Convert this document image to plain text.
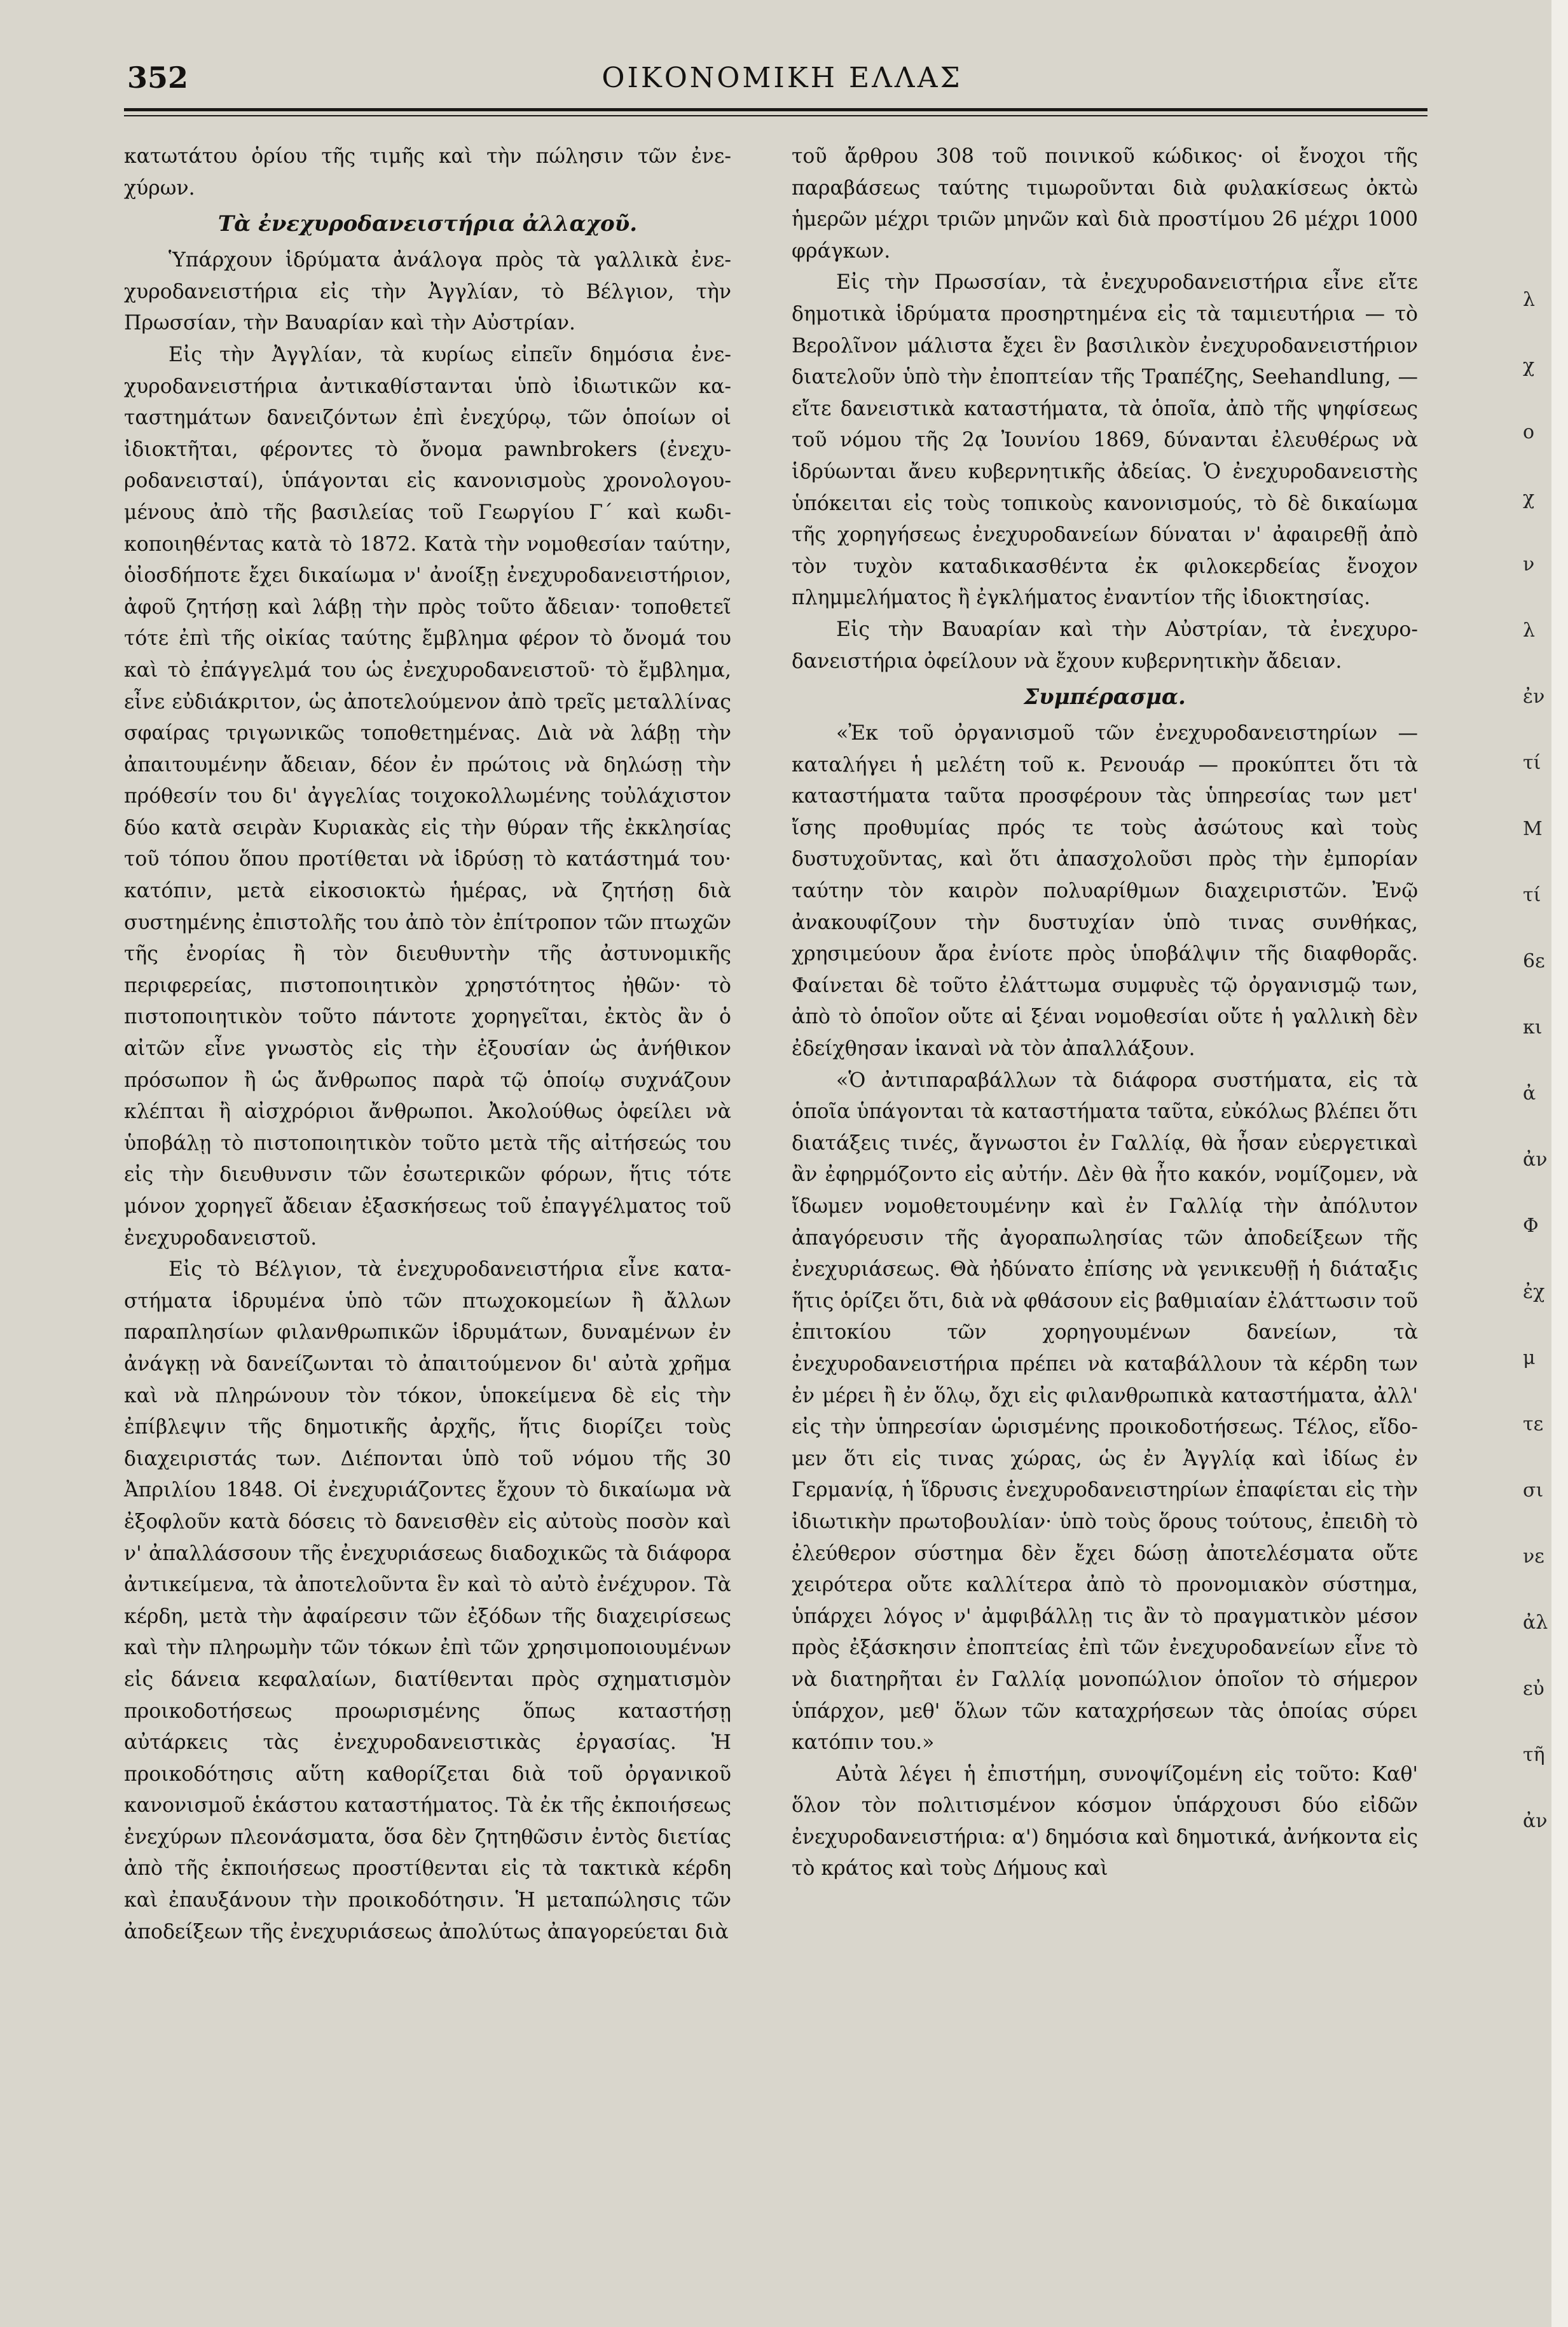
352	ΟΙΚΟΝΟΜΙΚΗ ΕΛΛΑΣ

κατωτάτου ὁρίου τῆς τιμῆς καὶ τὴν πώλησιν τῶν ἐνεχύρων.

Τὰ ἐνεχυροδανειστήρια ἀλλαχοῦ.

Ὑπάρχουν ἱδρύματα ἀνάλογα πρὸς τὰ γαλλικὰ ἐνεχυροδανειστήρια εἰς τὴν Ἀγγλίαν, τὸ Βέλγιον, τὴν Πρωσσίαν, τὴν Βαυαρίαν καὶ τὴν Αὐστρίαν.

Εἰς τὴν Ἀγγλίαν, τὰ κυρίως εἰπεῖν δημόσια ἐνεχυροδανειστήρια ἀντικαθίστανται ὑπὸ ἰδιωτικῶν καταστημάτων δανειζόντων ἐπὶ ἐνεχύρῳ, τῶν ὁποίων οἱ ἰδιοκτῆται, φέροντες τὸ ὄνομα pawnbrokers (ἐνεχυροδανεισταί), ὑπάγονται εἰς κανονισμοὺς χρονολογουμένους ἀπὸ τῆς βασιλείας τοῦ Γεωργίου Γ´ καὶ κωδικοποιηθέντας κατὰ τὸ 1872. Κατὰ τὴν νομοθεσίαν ταύτην, ὁἰοσδήποτε ἔχει δικαίωμα ν' ἀνοίξῃ ἐνεχυροδανειστήριον, ἀφοῦ ζητήσῃ καὶ λάβῃ τὴν πρὸς τοῦτο ἄδειαν· τοποθετεῖ τότε ἐπὶ τῆς οἰκίας ταύτης ἔμβλημα φέρον τὸ ὄνομά του καὶ τὸ ἐπάγγελμά του ὡς ἐνεχυροδανειστοῦ· τὸ ἔμβλημα, εἶνε εὐδιάκριτον, ὡς ἀποτελούμενον ἀπὸ τρεῖς μεταλλίνας σφαίρας τριγωνικῶς τοποθετημένας. Διὰ νὰ λάβῃ τὴν ἀπαιτουμένην ἄδειαν, δέον ἐν πρώτοις νὰ δηλώσῃ τὴν πρόθεσίν του δι' ἀγγελίας τοιχοκολλωμένης τοὐλάχιστον δύο κατὰ σειρὰν Κυριακὰς εἰς τὴν θύραν τῆς ἐκκλησίας τοῦ τόπου ὅπου προτίθεται νὰ ἱδρύσῃ τὸ κατάστημά του· κατόπιν, μετὰ εἰκοσιοκτὼ ἡμέρας, νὰ ζητήσῃ διὰ συστημένης ἐπιστολῆς του ἀπὸ τὸν ἐπίτροπον τῶν πτωχῶν τῆς ἐνορίας ἢ τὸν διευθυντὴν τῆς ἀστυνομικῆς περιφερείας, πιστοποιητικὸν χρηστότητος ἠθῶν· τὸ πιστοποιητικὸν τοῦτο πάντοτε χορηγεῖται, ἐκτὸς ἂν ὁ αἰτῶν εἶνε γνωστὸς εἰς τὴν ἐξουσίαν ὡς ἀνήθικον πρόσωπον ἢ ὡς ἄνθρωπος παρὰ τῷ ὁποίῳ συχνάζουν κλέπται ἢ αἰσχρόριοι ἄνθρωποι. Ἀκολούθως ὀφείλει νὰ ὑποβάλῃ τὸ πιστοποιητικὸν τοῦτο μετὰ τῆς αἰτήσεώς του εἰς τὴν διευθυνσιν τῶν ἐσωτερικῶν φόρων, ἥτις τότε μόνον χορηγεῖ ἄδειαν ἐξασκήσεως τοῦ ἐπαγγέλματος τοῦ ἐνεχυροδανειστοῦ.

Εἰς τὸ Βέλγιον, τὰ ἐνεχυροδανειστήρια εἶνε καταστήματα ἱδρυμένα ὑπὸ τῶν πτωχοκομείων ἢ ἄλλων παραπλησίων φιλανθρωπικῶν ἱδρυμάτων, δυναμένων ἐν ἀνάγκῃ νὰ δανείζωνται τὸ ἀπαιτούμενον δι' αὐτὰ χρῆμα καὶ νὰ πληρώνουν τὸν τόκον, ὑποκείμενα δὲ εἰς τὴν ἐπίβλεψιν τῆς δημοτικῆς ἀρχῆς, ἥτις διορίζει τοὺς διαχειριστάς των. Διέπονται ὑπὸ τοῦ νόμου τῆς 30 Ἀπριλίου 1848. Οἱ ἐνεχυριάζοντες ἔχουν τὸ δικαίωμα νὰ ἐξοφλοῦν κατὰ δόσεις τὸ δανεισθὲν εἰς αὐτοὺς ποσὸν καὶ ν' ἀπαλλάσσουν τῆς ἐνεχυριάσεως διαδοχικῶς τὰ διάφορα ἀντικείμενα, τὰ ἀποτελοῦντα ἓν καὶ τὸ αὐτὸ ἐνέχυρον. Τὰ κέρδη, μετὰ τὴν ἀφαίρεσιν τῶν ἐξόδων τῆς διαχειρίσεως καὶ τὴν πληρωμὴν τῶν τόκων ἐπὶ τῶν χρησιμοποιουμένων εἰς δάνεια κεφαλαίων, διατίθενται πρὸς σχηματισμὸν προικοδοτήσεως προωρισμένης ὅπως καταστήσῃ αὐτάρκεις τὰς ἐνεχυροδανειστικὰς ἐργασίας. Ἡ προικοδότησις αὕτη καθορίζεται διὰ τοῦ ὀργανικοῦ κανονισμοῦ ἑκάστου καταστήματος. Τὰ ἐκ τῆς ἐκποιήσεως ἐνεχύρων πλεονάσματα, ὅσα δὲν ζητηθῶσιν ἐντὸς διετίας ἀπὸ τῆς ἐκποιήσεως προστίθενται εἰς τὰ τακτικὰ κέρδη καὶ ἐπαυξάνουν τὴν προικοδότησιν. Ἡ μεταπώλησις τῶν ἀποδείξεων τῆς ἐνεχυριάσεως ἀπολύτως ἀπαγορεύεται διὰ

τοῦ ἄρθρου 308 τοῦ ποινικοῦ κώδικος· οἱ ἔνοχοι τῆς παραβάσεως ταύτης τιμωροῦνται διὰ φυλακίσεως ὀκτὼ ἡμερῶν μέχρι τριῶν μηνῶν καὶ διὰ προστίμου 26 μέχρι 1000 φράγκων.

Εἰς τὴν Πρωσσίαν, τὰ ἐνεχυροδανειστήρια εἶνε εἴτε δημοτικὰ ἱδρύματα προσηρτημένα εἰς τὰ ταμιευτήρια — τὸ Βερολῖνον μάλιστα ἔχει ἓν βασιλικὸν ἐνεχυροδανειστήριον διατελοῦν ὑπὸ τὴν ἐποπτείαν τῆς Τραπέζης, Seehandlung, — εἴτε δανειστικὰ καταστήματα, τὰ ὁποῖα, ἀπὸ τῆς ψηφίσεως τοῦ νόμου τῆς 2ᾳ Ἰουνίου 1869, δύνανται ἐλευθέρως νὰ ἱδρύωνται ἄνευ κυβερνητικῆς ἀδείας. Ὁ ἐνεχυροδανειστὴς ὑπόκειται εἰς τοὺς τοπικοὺς κανονισμούς, τὸ δὲ δικαίωμα τῆς χορηγήσεως ἐνεχυροδανείων δύναται ν' ἀφαιρεθῇ ἀπὸ τὸν τυχὸν καταδικασθέντα ἐκ φιλοκερδείας ἔνοχον πλημμελήματος ἢ ἐγκλήματος ἐναντίον τῆς ἰδιοκτησίας.

Εἰς τὴν Βαυαρίαν καὶ τὴν Αὐστρίαν, τὰ ἐνεχυροδανειστήρια ὀφείλουν νὰ ἔχουν κυβερνητικὴν ἄδειαν.

Συμπέρασμα.

«Ἐκ τοῦ ὀργανισμοῦ τῶν ἐνεχυροδανειστηρίων — καταλήγει ἡ μελέτη τοῦ κ. Ρενουάρ — προκύπτει ὅτι τὰ καταστήματα ταῦτα προσφέρουν τὰς ὑπηρεσίας των μετ' ἴσης προθυμίας πρός τε τοὺς ἀσώτους καὶ τοὺς δυστυχοῦντας, καὶ ὅτι ἀπασχολοῦσι πρὸς τὴν ἐμπορίαν ταύτην τὸν καιρὸν πολυαρίθμων διαχειριστῶν. Ἐνῷ ἀνακουφίζουν τὴν δυστυχίαν ὑπὸ τινας συνθήκας, χρησιμεύουν ἄρα ἐνίοτε πρὸς ὑποβάλψιν τῆς διαφθορᾶς. Φαίνεται δὲ τοῦτο ἐλάττωμα συμφυὲς τῷ ὀργανισμῷ των, ἀπὸ τὸ ὁποῖον οὔτε αἱ ξέναι νομοθεσίαι οὔτε ἡ γαλλικὴ δὲν ἐδείχθησαν ἱκαναὶ νὰ τὸν ἀπαλλάξουν.

«Ὁ ἀντιπαραβάλλων τὰ διάφορα συστήματα, εἰς τὰ ὁποῖα ὑπάγονται τὰ καταστήματα ταῦτα, εὐκόλως βλέπει ὅτι διατάξεις τινές, ἄγνωστοι ἐν Γαλλίᾳ, θὰ ἦσαν εὐεργετικαὶ ἂν ἐφηρμόζοντο εἰς αὐτήν. Δὲν θὰ ἦτο κακόν, νομίζομεν, νὰ ἴδωμεν νομοθετουμένην καὶ ἐν Γαλλίᾳ τὴν ἀπόλυτον ἀπαγόρευσιν τῆς ἀγοραπωλησίας τῶν ἀποδείξεων τῆς ἐνεχυριάσεως. Θὰ ἠδύνατο ἐπίσης νὰ γενικευθῇ ἡ διάταξις ἥτις ὁρίζει ὅτι, διὰ νὰ φθάσουν εἰς βαθμιαίαν ἐλάττωσιν τοῦ ἐπιτοκίου τῶν χορηγουμένων δανείων, τὰ ἐνεχυροδανειστήρια πρέπει νὰ καταβάλλουν τὰ κέρδη των ἐν μέρει ἢ ἐν ὅλῳ, ὄχι εἰς φιλανθρωπικὰ καταστήματα, ἀλλ' εἰς τὴν ὑπηρεσίαν ὡρισμένης προικοδοτήσεως. Τέλος, εἴδομεν ὅτι εἰς τινας χώρας, ὡς ἐν Ἀγγλίᾳ καὶ ἰδίως ἐν Γερμανίᾳ, ἡ ἵδρυσις ἐνεχυροδανειστηρίων ἐπαφίεται εἰς τὴν ἰδιωτικὴν πρωτοβουλίαν· ὑπὸ τοὺς ὅρους τούτους, ἐπειδὴ τὸ ἐλεύθερον σύστημα δὲν ἔχει δώσῃ ἀποτελέσματα οὔτε χειρότερα οὔτε καλλίτερα ἀπὸ τὸ προνομιακὸν σύστημα, ὑπάρχει λόγος ν' ἀμφιβάλλῃ τις ἂν τὸ πραγματικὸν μέσον πρὸς ἐξάσκησιν ἐποπτείας ἐπὶ τῶν ἐνεχυροδανείων εἶνε τὸ νὰ διατηρῆται ἐν Γαλλίᾳ μονοπώλιον ὁποῖον τὸ σήμερον ὑπάρχον, μεθ' ὅλων τῶν καταχρήσεων τὰς ὁποίας σύρει κατόπιν του.»

Αὐτὰ λέγει ἡ ἐπιστήμη, συνοψίζομένη εἰς τοῦτο: Καθ' ὅλον τὸν πολιτισμένον κόσμον ὑπάρχουσι δύο εἰδῶν ἐνεχυροδανειστήρια: α') δημόσια καὶ δημοτικά, ἀνήκοντα εἰς τὸ κράτος καὶ τοὺς Δήμους καὶ

λ
χ
ο
χ
ν
λ
ἐν
τί
Μ
τί
6ε
κι
ἀ
ἀν
Φ
ἐχ
μ
τε
σι
νε
ἀλ
εὐ
τῆ
ἀν
